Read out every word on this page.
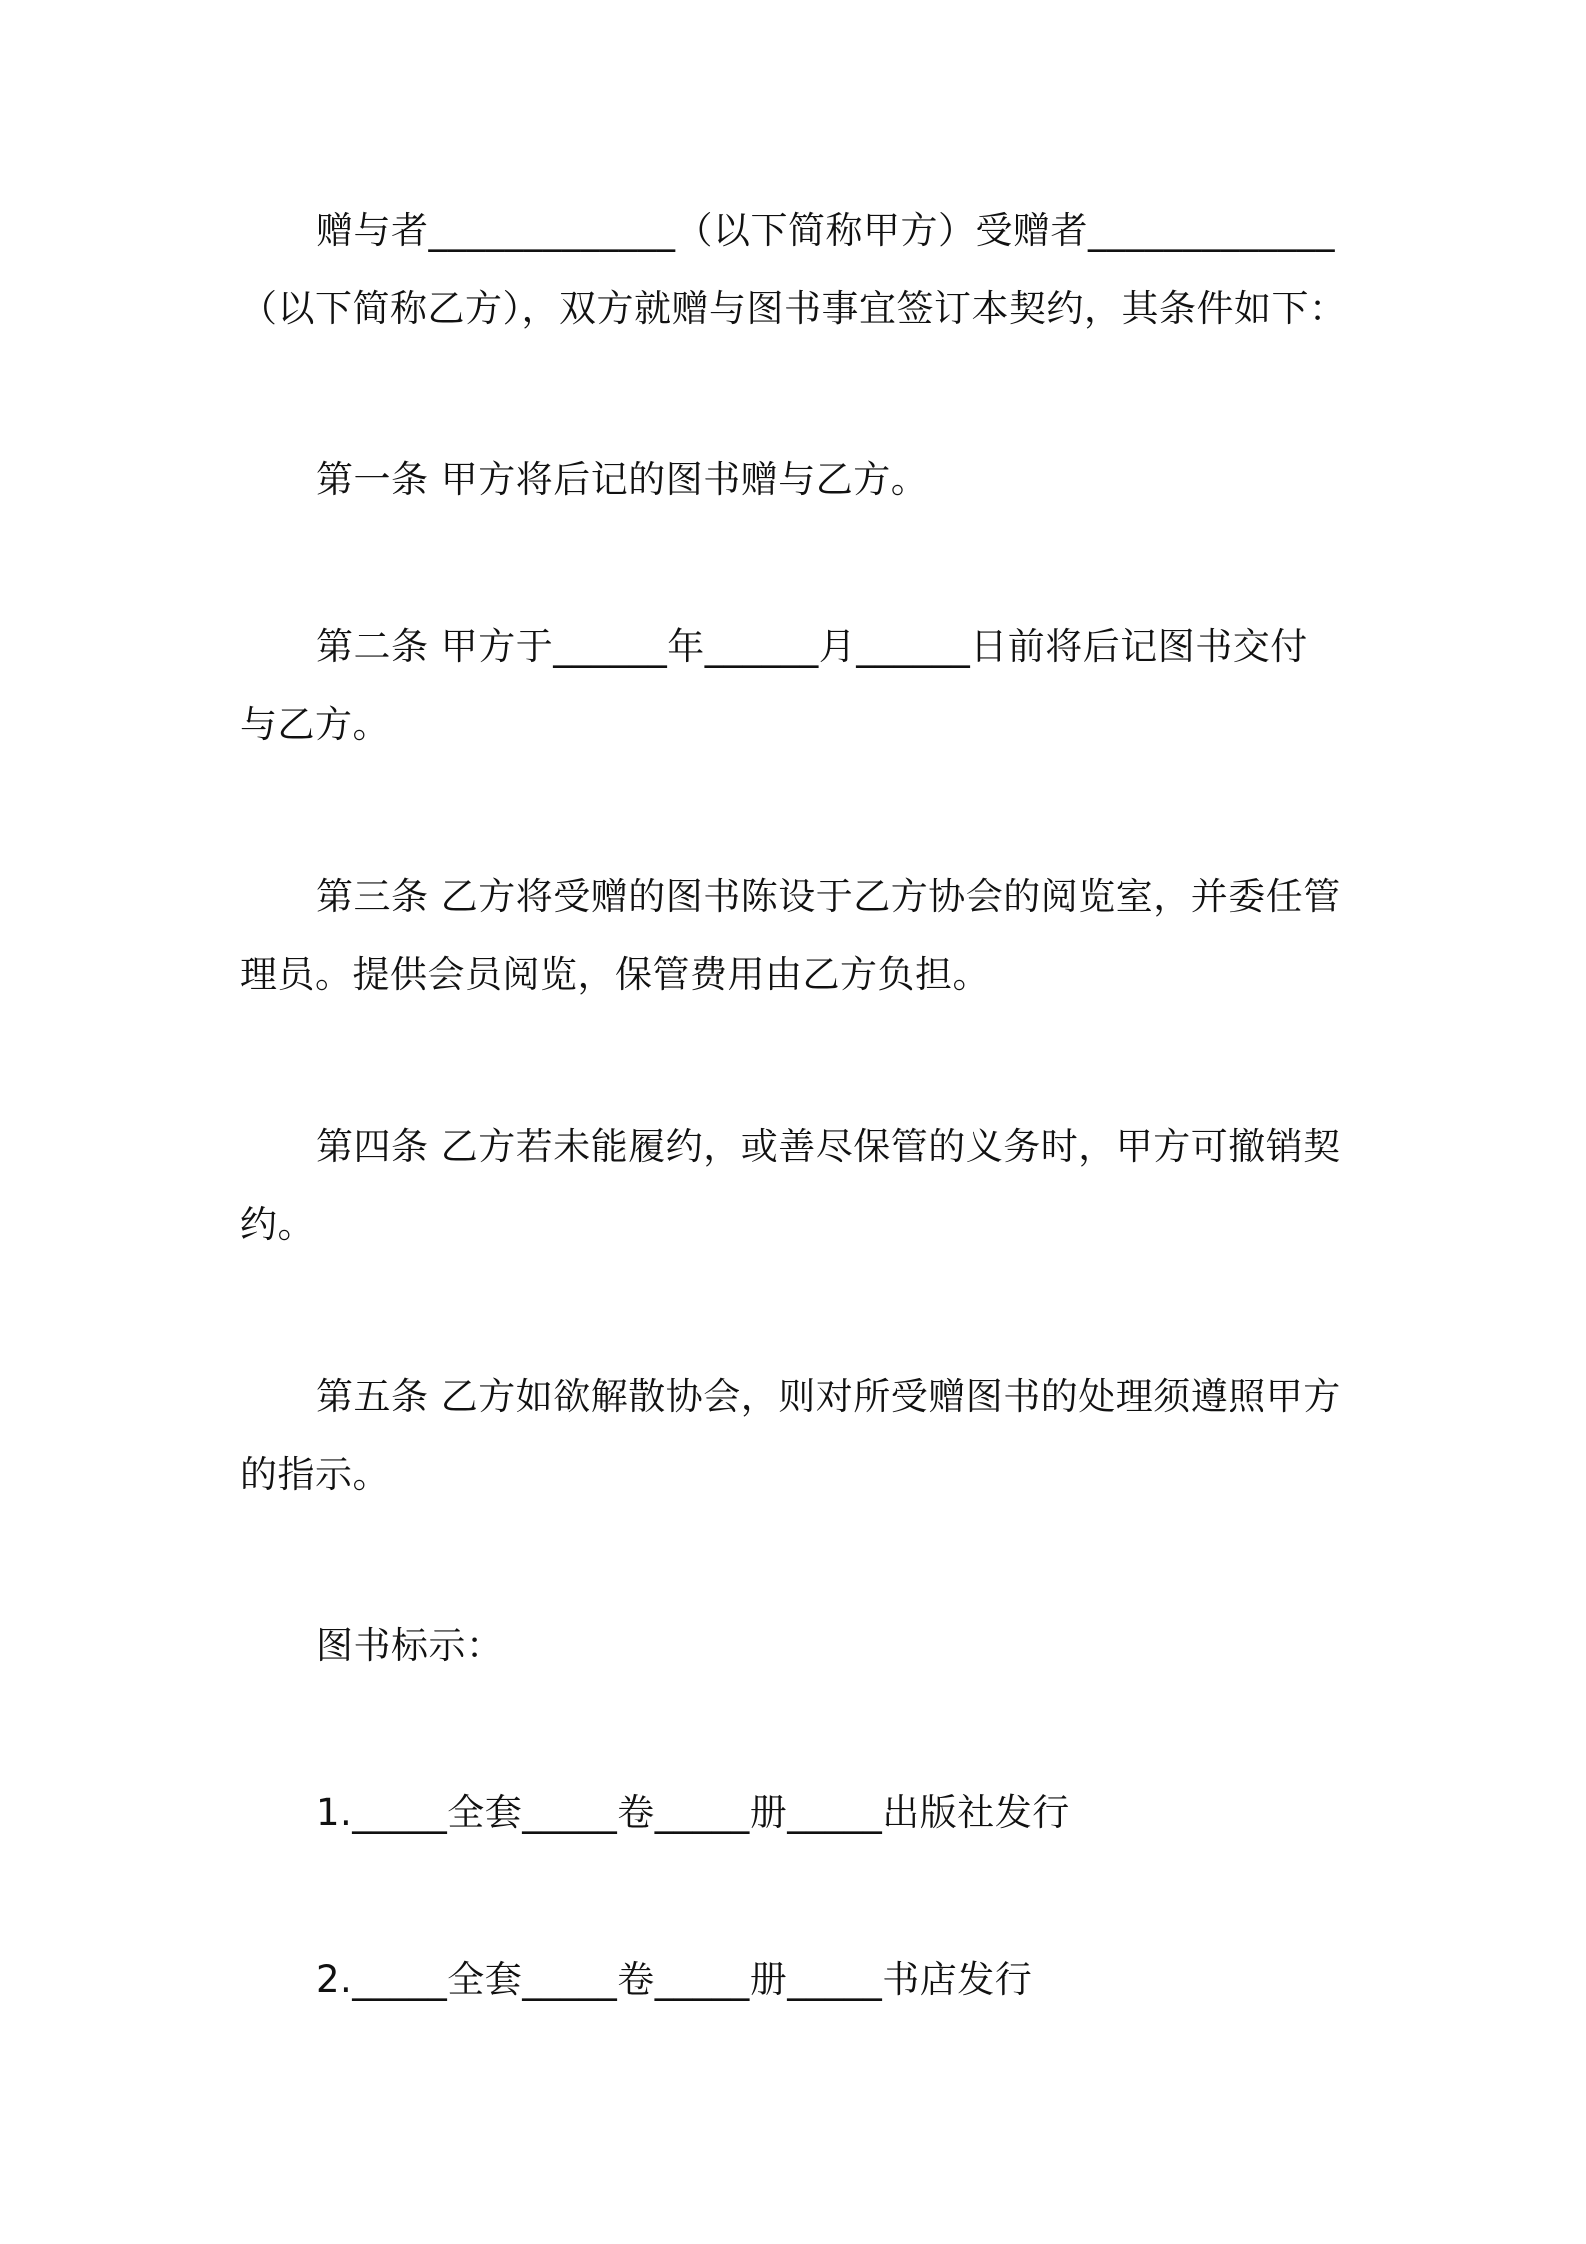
赠与者_____________（以下简称甲方）受赠者_____________
（以下简称乙方），双方就赠与图书事宜签订本契约，其条件如下：

第一条 甲方将后记的图书赠与乙方。

第二条 甲方于______年______月______日前将后记图书交付
与乙方。

第三条 乙方将受赠的图书陈设于乙方协会的阅览室，并委任管
理员。提供会员阅览，保管费用由乙方负担。

第四条 乙方若未能履约，或善尽保管的义务时，甲方可撤销契
约。

第五条 乙方如欲解散协会，则对所受赠图书的处理须遵照甲方
的指示。

图书标示：

1._____全套_____卷_____册_____出版社发行

2._____全套_____卷_____册_____书店发行
